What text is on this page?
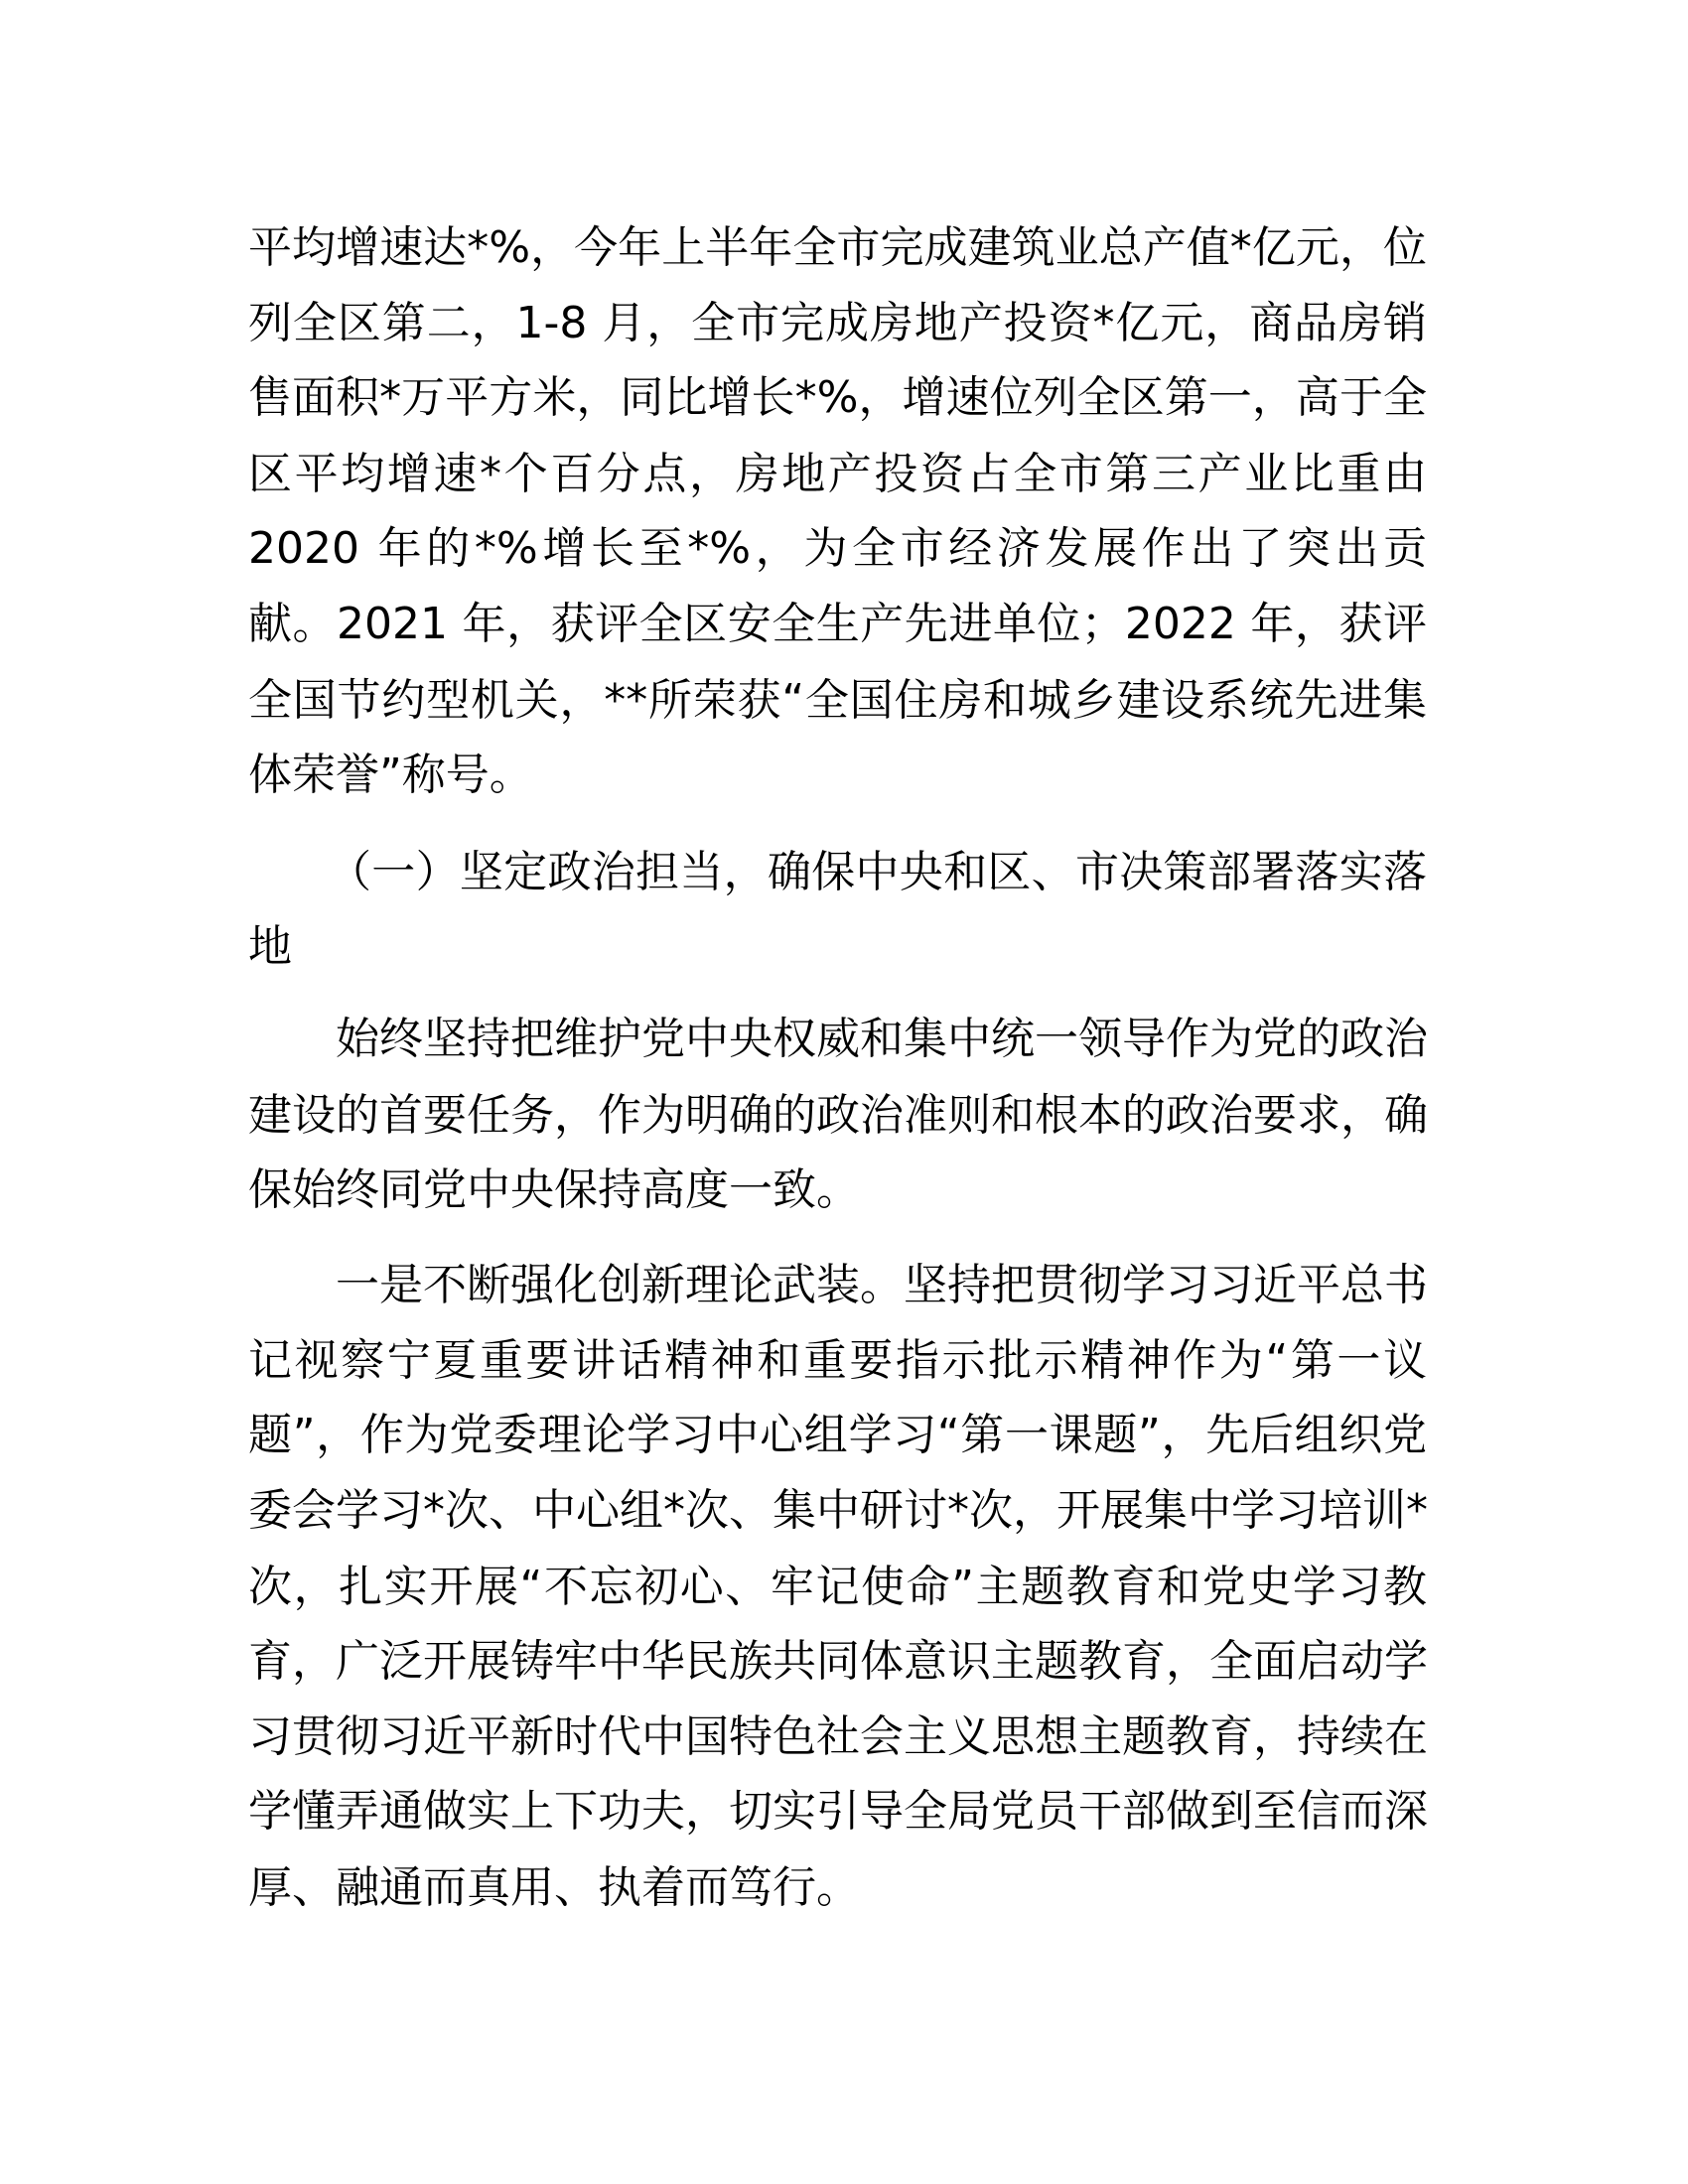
平均增速达*%，今年上半年全市完成建筑业总产值*亿元，位
列全区第二，1-8 月，全市完成房地产投资*亿元，商品房销
售面积*万平方米，同比增长*%，增速位列全区第一，高于全
区平均增速*个百分点，房地产投资占全市第三产业比重由
2020 年的*%增长至*%，为全市经济发展作出了突出贡
献。2021 年，获评全区安全生产先进单位；2022 年，获评
全国节约型机关，**所荣获“全国住房和城乡建设系统先进集
体荣誉”称号。
（一）坚定政治担当，确保中央和区、市决策部署落实落
地
始终坚持把维护党中央权威和集中统一领导作为党的政治
建设的首要任务，作为明确的政治准则和根本的政治要求，确
保始终同党中央保持高度一致。
一是不断强化创新理论武装。坚持把贯彻学习习近平总书
记视察宁夏重要讲话精神和重要指示批示精神作为“第一议
题”，作为党委理论学习中心组学习“第一课题”，先后组织党
委会学习*次、中心组*次、集中研讨*次，开展集中学习培训*
次，扎实开展“不忘初心、牢记使命”主题教育和党史学习教
育，广泛开展铸牢中华民族共同体意识主题教育，全面启动学
习贯彻习近平新时代中国特色社会主义思想主题教育，持续在
学懂弄通做实上下功夫，切实引导全局党员干部做到至信而深
厚、融通而真用、执着而笃行。
